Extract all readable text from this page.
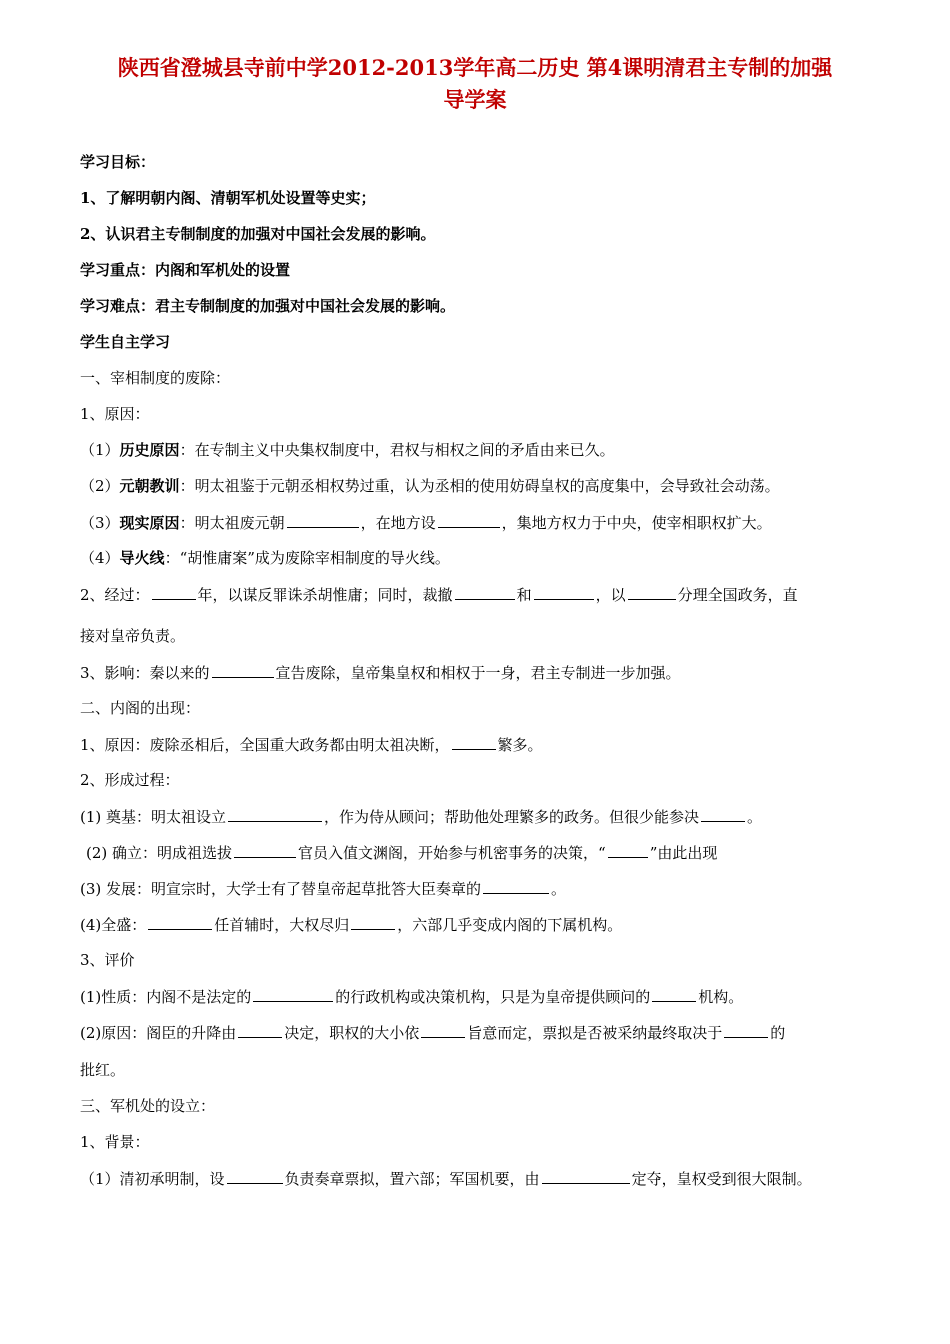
陕西省澄城县寺前中学2012-2013学年高二历史 第4课明清君主专制的加强
导学案
学习目标：
1、了解明朝内阁、清朝军机处设置等史实；
2、认识君主专制制度的加强对中国社会发展的影响。
学习重点：内阁和军机处的设置
学习难点：君主专制制度的加强对中国社会发展的影响。
学生自主学习
一、宰相制度的废除：
1、原因：
（1）历史原因：在专制主义中央集权制度中，君权与相权之间的矛盾由来已久。
（2）元朝教训：明太祖鉴于元朝丞相权势过重，认为丞相的使用妨碍皇权的高度集中，会导致社会动荡。
（3）现实原因：明太祖废元朝	，在地方设	，集地方权力于中央，使宰相职权扩大。
（4）导火线：“胡惟庸案”成为废除宰相制度的导火线。
2、经过：	年，以谋反罪诛杀胡惟庸；同时，裁撤	和	，以	分理全国政务，直
接对皇帝负责。
3、影响：秦以来的	宣告废除，皇帝集皇权和相权于一身，君主专制进一步加强。
二、内阁的出现：
1、原因：废除丞相后，全国重大政务都由明太祖决断，	繁多。
2、形成过程：
(1) 奠基：明太祖设立	，作为侍从顾问；帮助他处理繁多的政务。但很少能参决	。
(2) 确立：明成祖选拔	官员入值文渊阁，开始参与机密事务的决策，“	”由此出现
(3) 发展：明宣宗时，大学士有了替皇帝起草批答大臣奏章的	。
(4)全盛：	任首辅时，大权尽归	，六部几乎变成内阁的下属机构。
3、评价
(1)性质：内阁不是法定的	的行政机构或决策机构，只是为皇帝提供顾问的	机构。
(2)原因：阁臣的升降由	决定，职权的大小依	旨意而定，票拟是否被采纳最终取决于	的
批红。
三、军机处的设立：
1、背景：
（1）清初承明制，设	负责奏章票拟，置六部；军国机要，由	定夺，皇权受到很大限制。
